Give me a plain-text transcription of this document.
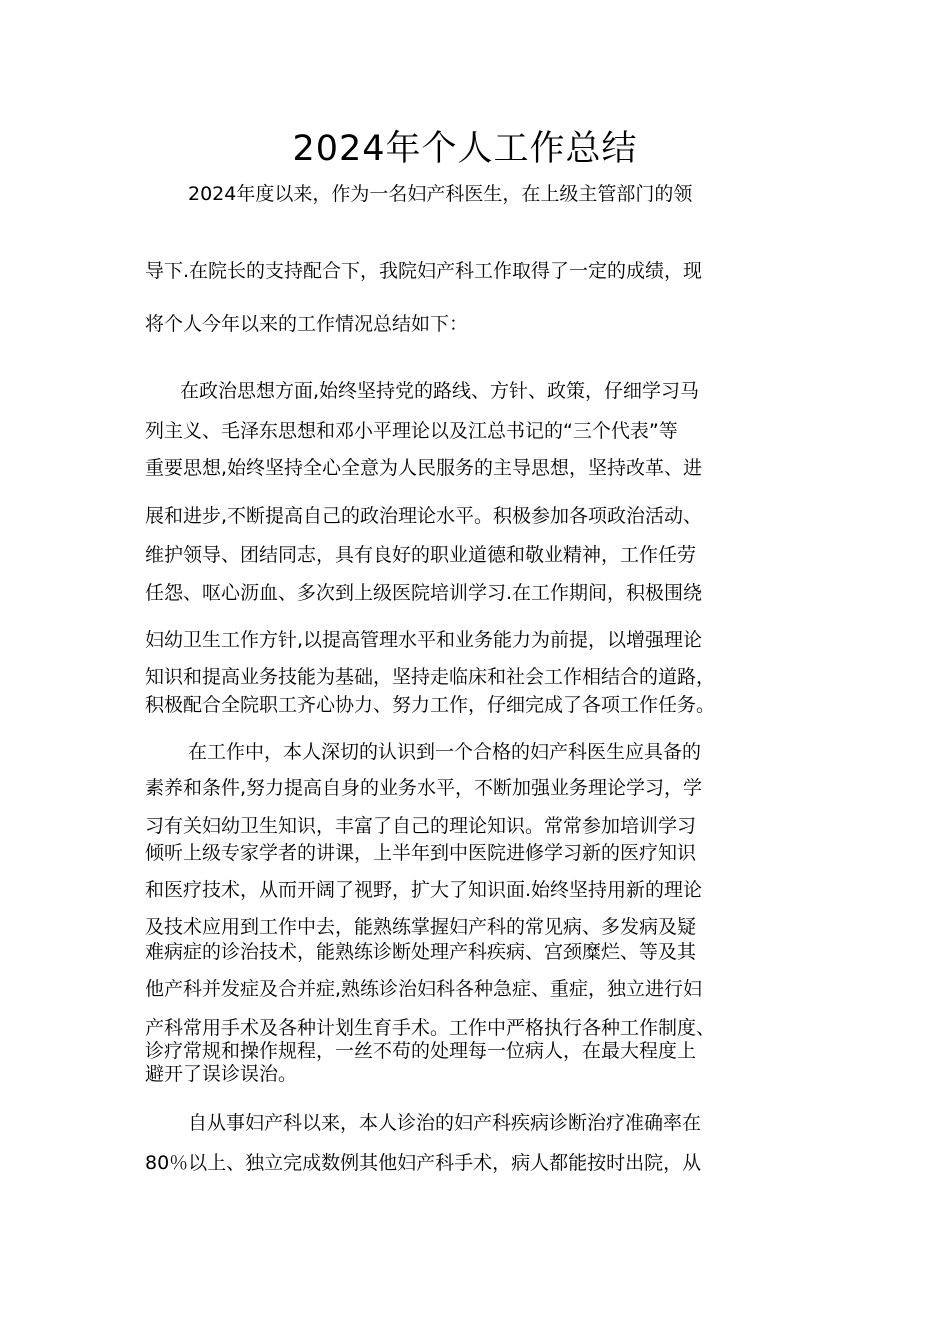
2024年个人工作总结
2024年度以来，作为一名妇产科医生，在上级主管部门的领
导下.在院长的支持配合下，我院妇产科工作取得了一定的成绩，现
将个人今年以来的工作情况总结如下：
在政治思想方面,始终坚持党的路线、方针、政策，仔细学习马
列主义、毛泽东思想和邓小平理论以及江总书记的“三个代表”等
重要思想,始终坚持全心全意为人民服务的主导思想，坚持改革、进
展和进步,不断提高自己的政治理论水平。积极参加各项政治活动、
维护领导、团结同志，具有良好的职业道德和敬业精神，工作任劳
任怨、呕心沥血、多次到上级医院培训学习.在工作期间，积极围绕
妇幼卫生工作方针,以提高管理水平和业务能力为前提，以增强理论
知识和提高业务技能为基础，坚持走临床和社会工作相结合的道路，
积极配合全院职工齐心协力、努力工作，仔细完成了各项工作任务。
在工作中，本人深切的认识到一个合格的妇产科医生应具备的
素养和条件,努力提高自身的业务水平，不断加强业务理论学习，学
习有关妇幼卫生知识，丰富了自己的理论知识。常常参加培训学习
倾听上级专家学者的讲课，上半年到中医院进修学习新的医疗知识
和医疗技术，从而开阔了视野，扩大了知识面.始终坚持用新的理论
及技术应用到工作中去，能熟练掌握妇产科的常见病、多发病及疑
难病症的诊治技术，能熟练诊断处理产科疾病、宫颈糜烂、等及其
他产科并发症及合并症,熟练诊治妇科各种急症、重症，独立进行妇
产科常用手术及各种计划生育手术。工作中严格执行各种工作制度、
诊疗常规和操作规程，一丝不苟的处理每一位病人，在最大程度上
避开了误诊误治。
自从事妇产科以来，本人诊治的妇产科疾病诊断治疗准确率在
80％以上、独立完成数例其他妇产科手术，病人都能按时出院，从
